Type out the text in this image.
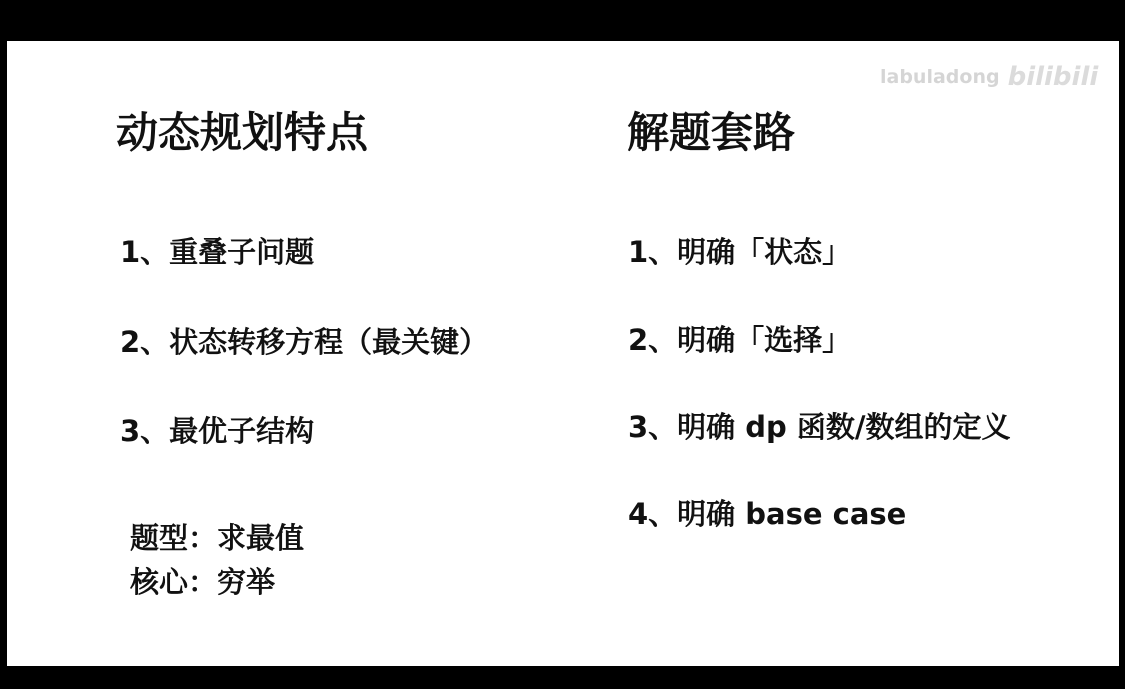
labuladong bilibili
动态规划特点
1、重叠子问题
2、状态转移方程（最关键）
3、最优子结构
题型：求最值
核心：穷举
解题套路
1、明确「状态」
2、明确「选择」
3、明确 dp 函数/数组的定义
4、明确 base case
